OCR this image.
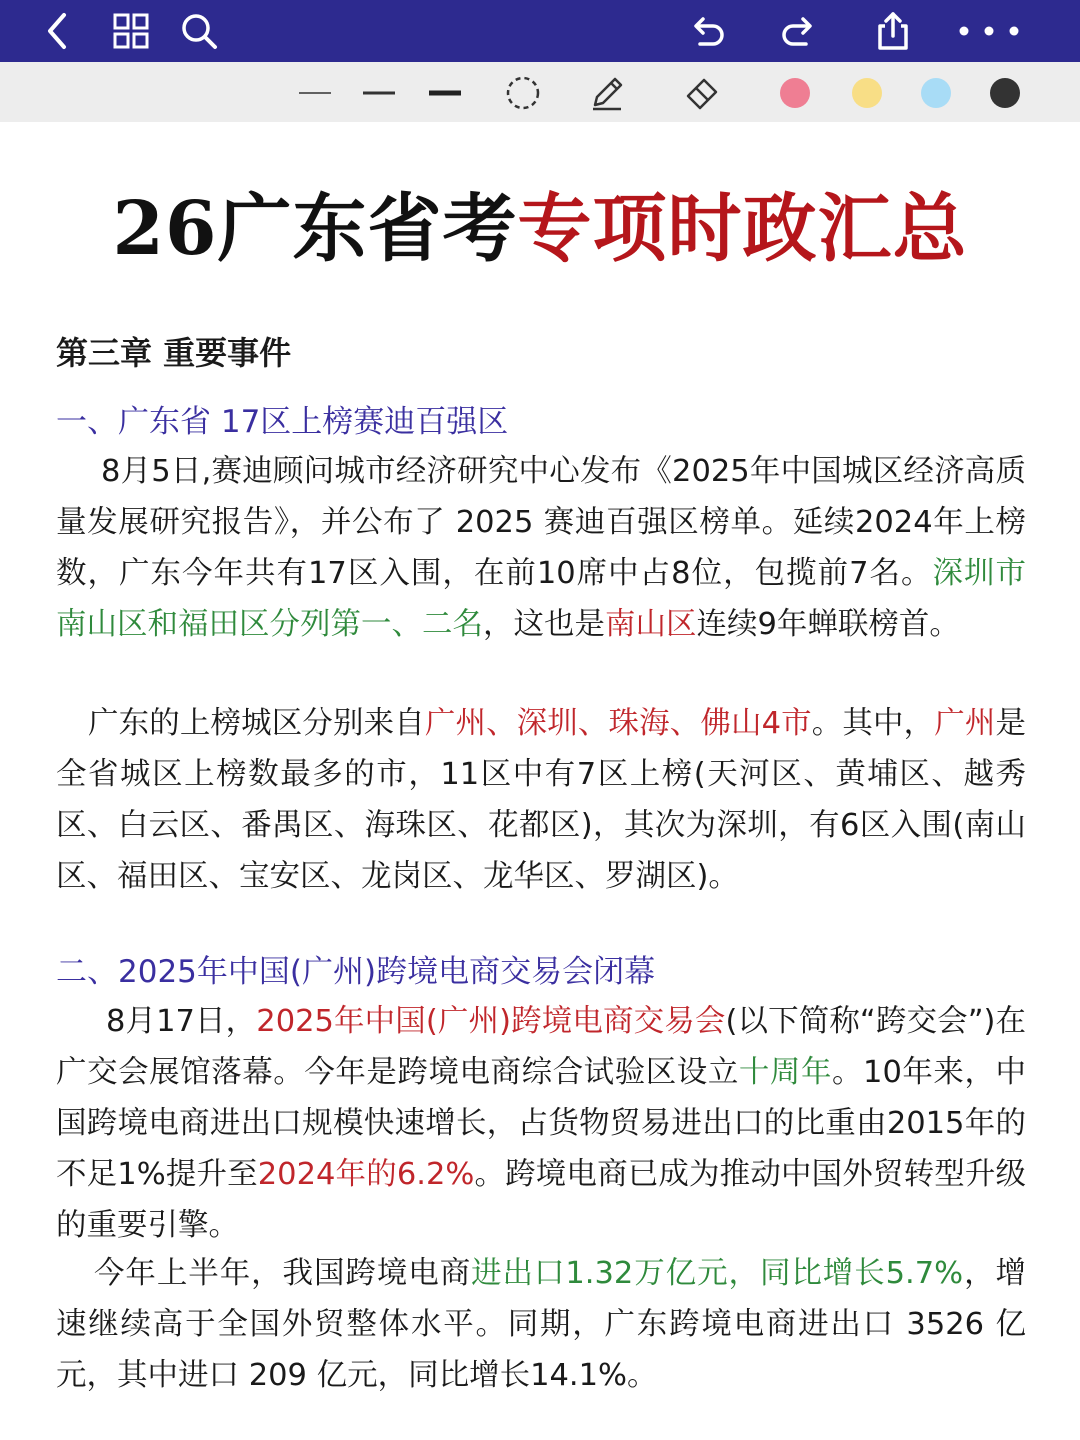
26广东省考专项时政汇总
第三章 重要事件
一、广东省 17区上榜赛迪百强区

8月5日,赛迪顾问城市经济研究中心发布《2025年中国城区经济高质量发展研究报告》，并公布了 2025 赛迪百强区榜单。延续2024年上榜数，广东今年共有17区入围，在前10席中占8位，包揽前7名。深圳市南山区和福田区分列第一、二名，这也是南山区连续9年蝉联榜首。

广东的上榜城区分别来自广州、深圳、珠海、佛山4市。其中，广州是全省城区上榜数最多的市，11区中有7区上榜(天河区、黄埔区、越秀区、白云区、番禺区、海珠区、花都区)，其次为深圳，有6区入围(南山区、福田区、宝安区、龙岗区、龙华区、罗湖区)。

二、2025年中国(广州)跨境电商交易会闭幕

8月17日，2025年中国(广州)跨境电商交易会(以下简称“跨交会”)在广交会展馆落幕。今年是跨境电商综合试验区设立十周年。10年来，中国跨境电商进出口规模快速增长，占货物贸易进出口的比重由2015年的不足1%提升至2024年的6.2%。跨境电商已成为推动中国外贸转型升级的重要引擎。

今年上半年，我国跨境电商进出口1.32万亿元，同比增长5.7%，增速继续高于全国外贸整体水平。同期，广东跨境电商进出口 3526 亿元，其中进口 209 亿元，同比增长14.1%。
